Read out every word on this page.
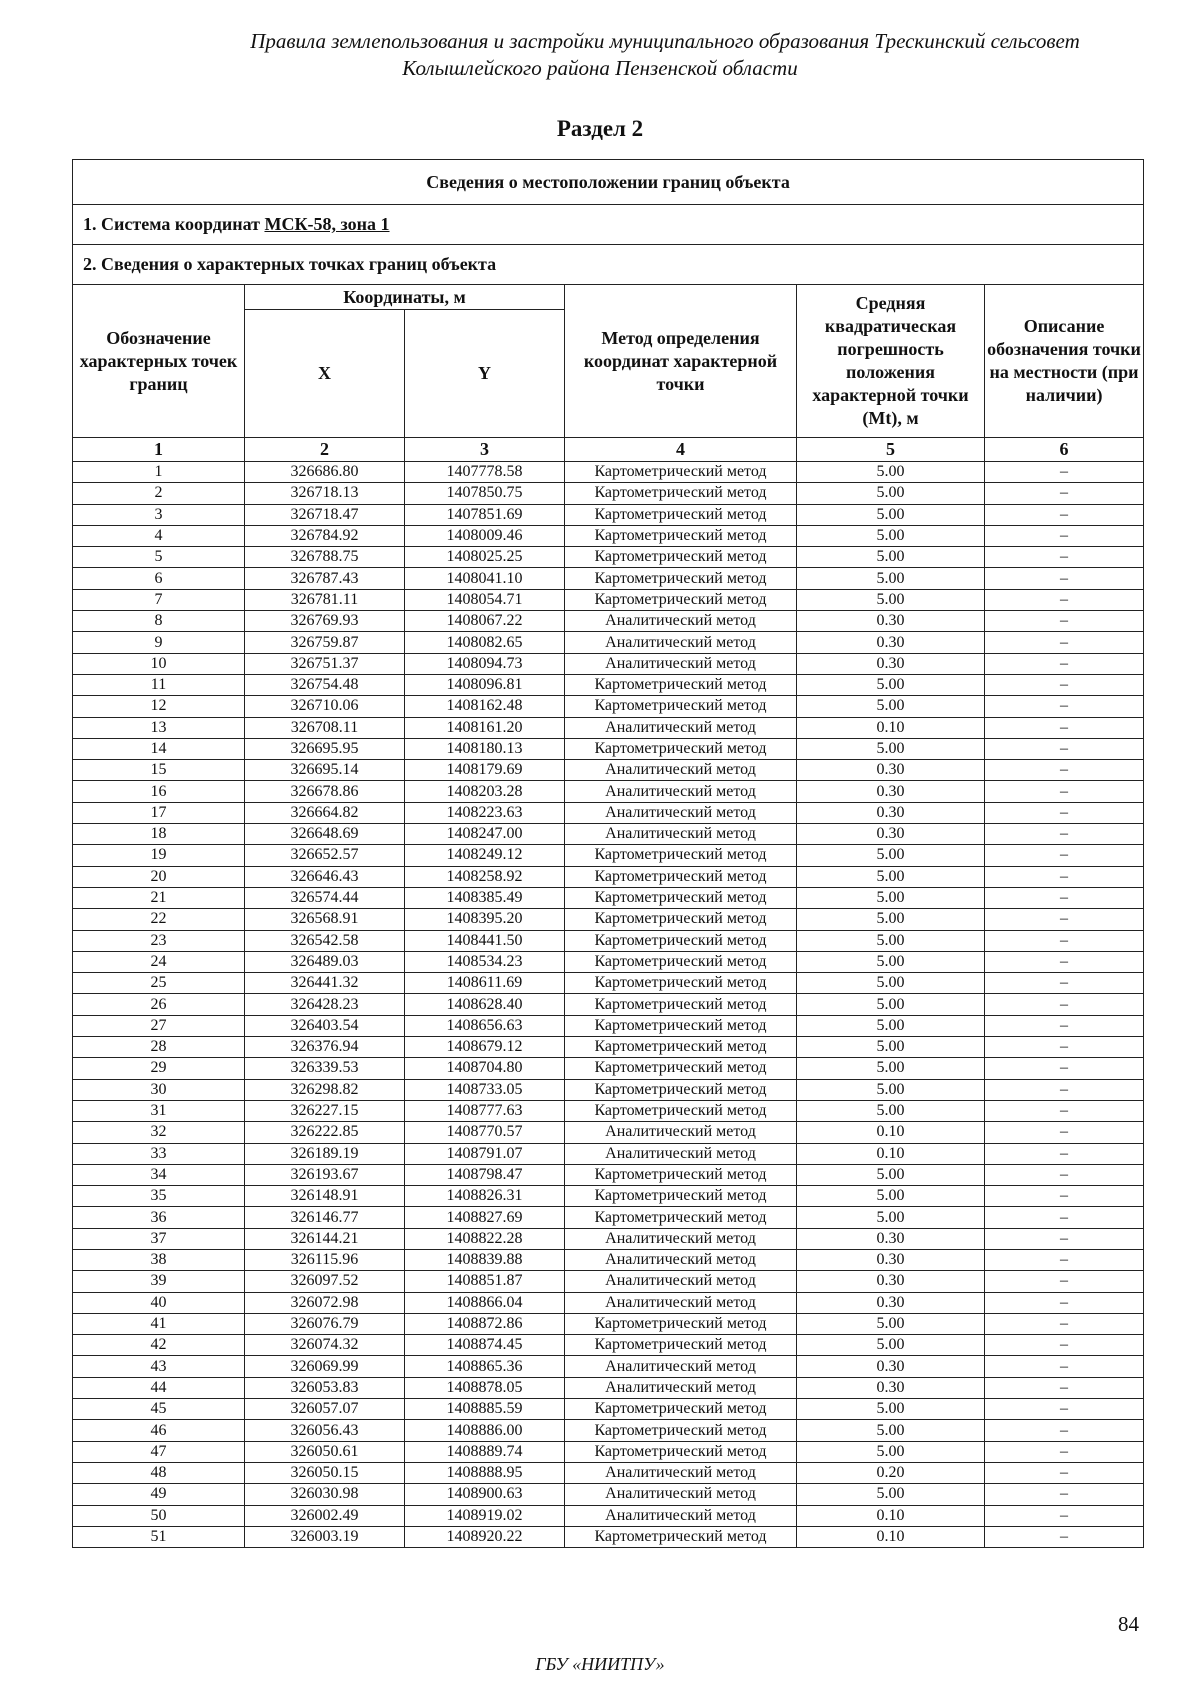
Правила землепользования и застройки муниципального образования Трескинский сельсовет
Колышлейского района Пензенской области
Раздел 2
Сведения о местоположении границ объекта					
1. Система координат МСК-58, зона 1					
2. Сведения о характерных точках границ объекта					
Обозначение характерных точек границ	Координаты, м		Метод определения координат характерной точки	Средняя квадратическая погрешность положения характерной точки (Mt), м	Описание обозначения точки на местности (при наличии)
	X	Y			
1	2	3	4	5	6
1	326686.80	1407778.58	Картометрический метод	5.00	–
2	326718.13	1407850.75	Картометрический метод	5.00	–
3	326718.47	1407851.69	Картометрический метод	5.00	–
4	326784.92	1408009.46	Картометрический метод	5.00	–
5	326788.75	1408025.25	Картометрический метод	5.00	–
6	326787.43	1408041.10	Картометрический метод	5.00	–
7	326781.11	1408054.71	Картометрический метод	5.00	–
8	326769.93	1408067.22	Аналитический метод	0.30	–
9	326759.87	1408082.65	Аналитический метод	0.30	–
10	326751.37	1408094.73	Аналитический метод	0.30	–
11	326754.48	1408096.81	Картометрический метод	5.00	–
12	326710.06	1408162.48	Картометрический метод	5.00	–
13	326708.11	1408161.20	Аналитический метод	0.10	–
14	326695.95	1408180.13	Картометрический метод	5.00	–
15	326695.14	1408179.69	Аналитический метод	0.30	–
16	326678.86	1408203.28	Аналитический метод	0.30	–
17	326664.82	1408223.63	Аналитический метод	0.30	–
18	326648.69	1408247.00	Аналитический метод	0.30	–
19	326652.57	1408249.12	Картометрический метод	5.00	–
20	326646.43	1408258.92	Картометрический метод	5.00	–
21	326574.44	1408385.49	Картометрический метод	5.00	–
22	326568.91	1408395.20	Картометрический метод	5.00	–
23	326542.58	1408441.50	Картометрический метод	5.00	–
24	326489.03	1408534.23	Картометрический метод	5.00	–
25	326441.32	1408611.69	Картометрический метод	5.00	–
26	326428.23	1408628.40	Картометрический метод	5.00	–
27	326403.54	1408656.63	Картометрический метод	5.00	–
28	326376.94	1408679.12	Картометрический метод	5.00	–
29	326339.53	1408704.80	Картометрический метод	5.00	–
30	326298.82	1408733.05	Картометрический метод	5.00	–
31	326227.15	1408777.63	Картометрический метод	5.00	–
32	326222.85	1408770.57	Аналитический метод	0.10	–
33	326189.19	1408791.07	Аналитический метод	0.10	–
34	326193.67	1408798.47	Картометрический метод	5.00	–
35	326148.91	1408826.31	Картометрический метод	5.00	–
36	326146.77	1408827.69	Картометрический метод	5.00	–
37	326144.21	1408822.28	Аналитический метод	0.30	–
38	326115.96	1408839.88	Аналитический метод	0.30	–
39	326097.52	1408851.87	Аналитический метод	0.30	–
40	326072.98	1408866.04	Аналитический метод	0.30	–
41	326076.79	1408872.86	Картометрический метод	5.00	–
42	326074.32	1408874.45	Картометрический метод	5.00	–
43	326069.99	1408865.36	Аналитический метод	0.30	–
44	326053.83	1408878.05	Аналитический метод	0.30	–
45	326057.07	1408885.59	Картометрический метод	5.00	–
46	326056.43	1408886.00	Картометрический метод	5.00	–
47	326050.61	1408889.74	Картометрический метод	5.00	–
48	326050.15	1408888.95	Аналитический метод	0.20	–
49	326030.98	1408900.63	Аналитический метод	5.00	–
50	326002.49	1408919.02	Аналитический метод	0.10	–
51	326003.19	1408920.22	Картометрический метод	0.10	–
84
ГБУ «НИИТПУ»
